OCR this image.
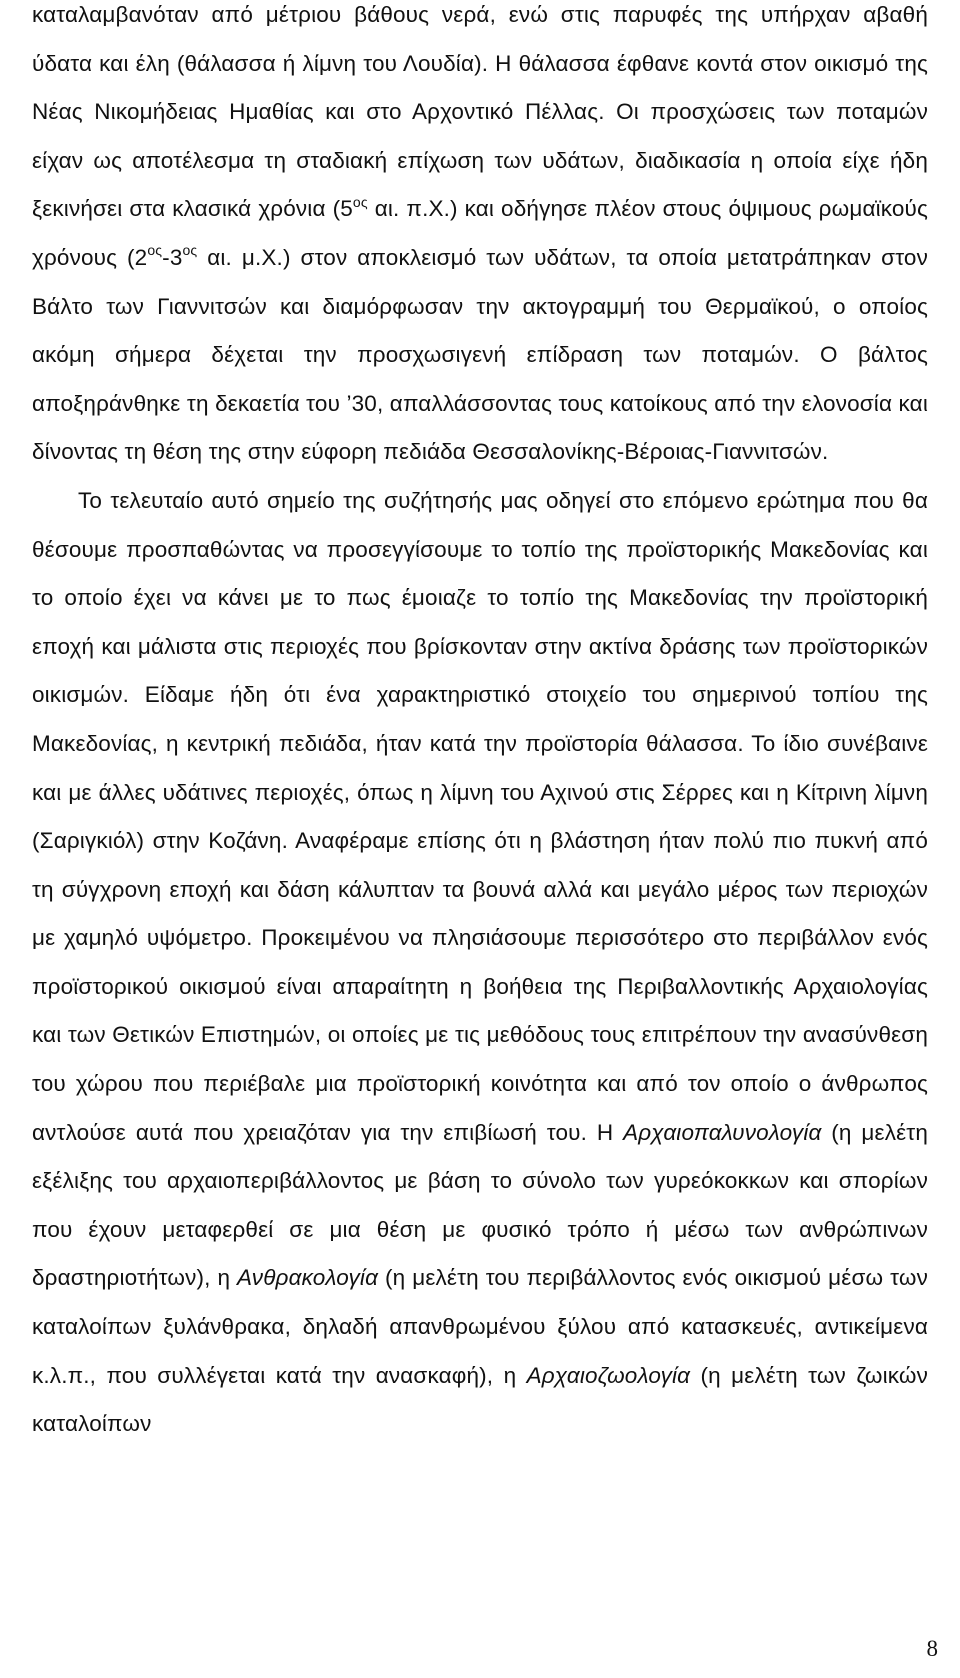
καταλαμβανόταν από μέτριου βάθους νερά, ενώ στις παρυφές της υπήρχαν αβαθή ύδατα και έλη (θάλασσα ή λίμνη του Λουδία). Η θάλασσα έφθανε κοντά στον οικισμό της Νέας Νικομήδειας Ημαθίας και στο Αρχοντικό Πέλλας. Οι προσχώσεις των ποταμών είχαν ως αποτέλεσμα τη σταδιακή επίχωση των υδάτων, διαδικασία η οποία είχε ήδη ξεκινήσει στα κλασικά χρόνια ($5^{o\varsigma}$ αι. π.Χ.) και οδήγησε πλέον στους όψιμους ρωμαϊκούς χρόνους ($2^{o\varsigma}-3^{o\varsigma}$ αι. μ.Χ.) στον αποκλεισμό των υδάτων, τα οποία μετατράπηκαν στον Βάλτο των Γιαννιτσών και διαμόρφωσαν την ακτογραμμή του Θερμαϊκού, ο οποίος ακόμη σήμερα δέχεται την προσχωσιγενή επίδραση των ποταμών. Ο βάλτος αποξηράνθηκε τη δεκαετία του ’30, απαλλάσσοντας τους κατοίκους από την ελονοσία και δίνοντας τη θέση της στην εύφορη πεδιάδα Θεσσαλονίκης-Βέροιας-Γιαννιτσών.

Το τελευταίο αυτό σημείο της συζήτησής μας οδηγεί στο επόμενο ερώτημα που θα θέσουμε προσπαθώντας να προσεγγίσουμε το τοπίο της προϊστορικής Μακεδονίας και το οποίο έχει να κάνει με το πως έμοιαζε το τοπίο της Μακεδονίας την προϊστορική εποχή και μάλιστα στις περιοχές που βρίσκονταν στην ακτίνα δράσης των προϊστορικών οικισμών. Είδαμε ήδη ότι ένα χαρακτηριστικό στοιχείο του σημερινού τοπίου της Μακεδονίας, η κεντρική πεδιάδα, ήταν κατά την προϊστορία θάλασσα. Το ίδιο συνέβαινε και με άλλες υδάτινες περιοχές, όπως η λίμνη του Αχινού στις Σέρρες και η Κίτρινη λίμνη (Σαριγκιόλ) στην Κοζάνη. Αναφέραμε επίσης ότι η βλάστηση ήταν πολύ πιο πυκνή από τη σύγχρονη εποχή και δάση κάλυπταν τα βουνά αλλά και μεγάλο μέρος των περιοχών με χαμηλό υψόμετρο. Προκειμένου να πλησιάσουμε περισσότερο στο περιβάλλον ενός προϊστορικού οικισμού είναι απαραίτητη η βοήθεια της Περιβαλλοντικής Αρχαιολογίας και των Θετικών Επιστημών, οι οποίες με τις μεθόδους τους επιτρέπουν την ανασύνθεση του χώρου που περιέβαλε μια προϊστορική κοινότητα και από τον οποίο ο άνθρωπος αντλούσε αυτά που χρειαζόταν για την επιβίωσή του. Η Αρχαιοπαλυνολογία (η μελέτη εξέλιξης του αρχαιοπεριβάλλοντος με βάση το σύνολο των γυρεόκοκκων και σπορίων που έχουν μεταφερθεί σε μια θέση με φυσικό τρόπο ή μέσω των ανθρώπινων δραστηριοτήτων), η Ανθρακολογία (η μελέτη του περιβάλλοντος ενός οικισμού μέσω των καταλοίπων ξυλάνθρακα, δηλαδή απανθρωμένου ξύλου από κατασκευές, αντικείμενα κ.λ.π., που συλλέγεται κατά την ανασκαφή), η Αρχαιοζωολογία (η μελέτη των ζωικών καταλοίπων

8
